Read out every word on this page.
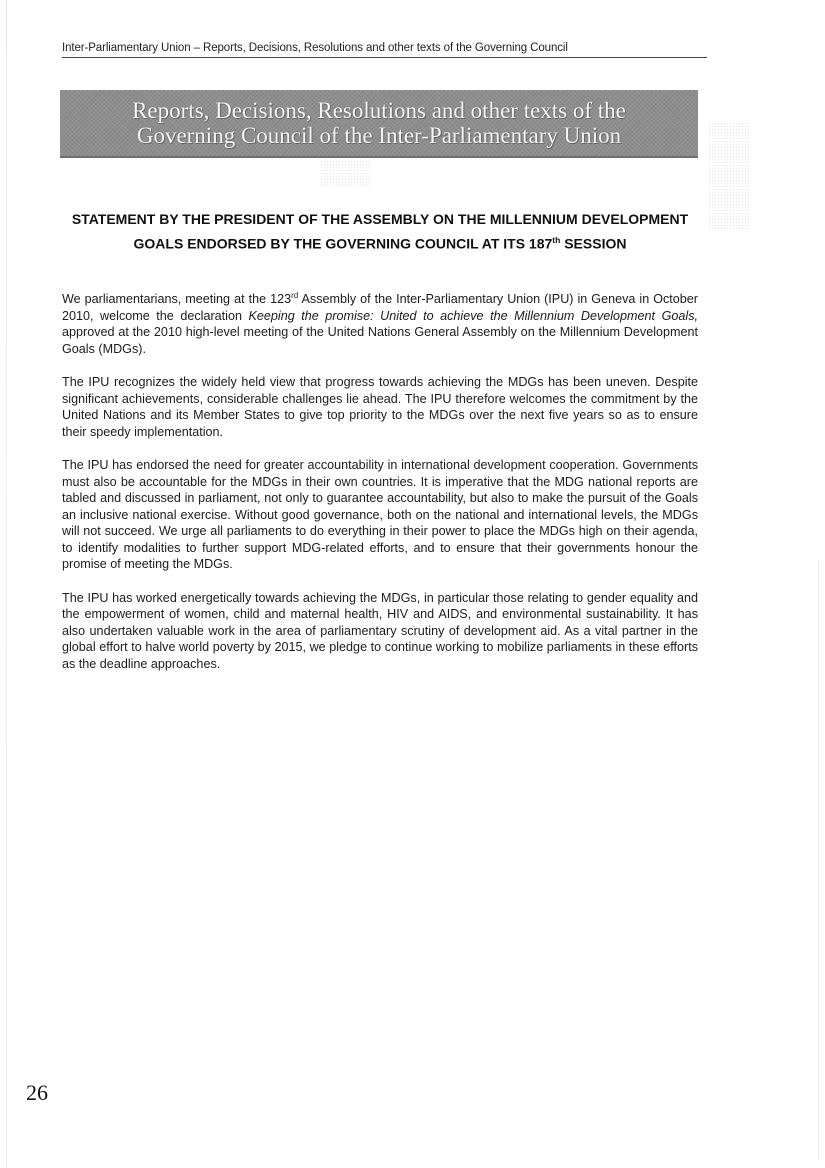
Inter-Parliamentary Union – Reports, Decisions, Resolutions and other texts of the Governing Council
Reports, Decisions, Resolutions and other texts of the
Governing Council of the Inter-Parliamentary Union
STATEMENT BY THE PRESIDENT OF THE ASSEMBLY ON THE MILLENNIUM DEVELOPMENT
GOALS ENDORSED BY THE GOVERNING COUNCIL AT ITS 187th SESSION

We parliamentarians, meeting at the 123rd Assembly of the Inter-Parliamentary Union (IPU) in Geneva in October 2010, welcome the declaration Keeping the promise: United to achieve the Millennium Development Goals, approved at the 2010 high-level meeting of the United Nations General Assembly on the Millennium Development Goals (MDGs).

The IPU recognizes the widely held view that progress towards achieving the MDGs has been uneven. Despite significant achievements, considerable challenges lie ahead. The IPU therefore welcomes the commitment by the United Nations and its Member States to give top priority to the MDGs over the next five years so as to ensure their speedy implementation.

The IPU has endorsed the need for greater accountability in international development cooperation. Governments must also be accountable for the MDGs in their own countries. It is imperative that the MDG national reports are tabled and discussed in parliament, not only to guarantee accountability, but also to make the pursuit of the Goals an inclusive national exercise. Without good governance, both on the national and international levels, the MDGs will not succeed. We urge all parliaments to do everything in their power to place the MDGs high on their agenda, to identify modalities to further support MDG-related efforts, and to ensure that their governments honour the promise of meeting the MDGs.

The IPU has worked energetically towards achieving the MDGs, in particular those relating to gender equality and the empowerment of women, child and maternal health, HIV and AIDS, and environmental sustainability. It has also undertaken valuable work in the area of parliamentary scrutiny of development aid. As a vital partner in the global effort to halve world poverty by 2015, we pledge to continue working to mobilize parliaments in these efforts as the deadline approaches.

26
